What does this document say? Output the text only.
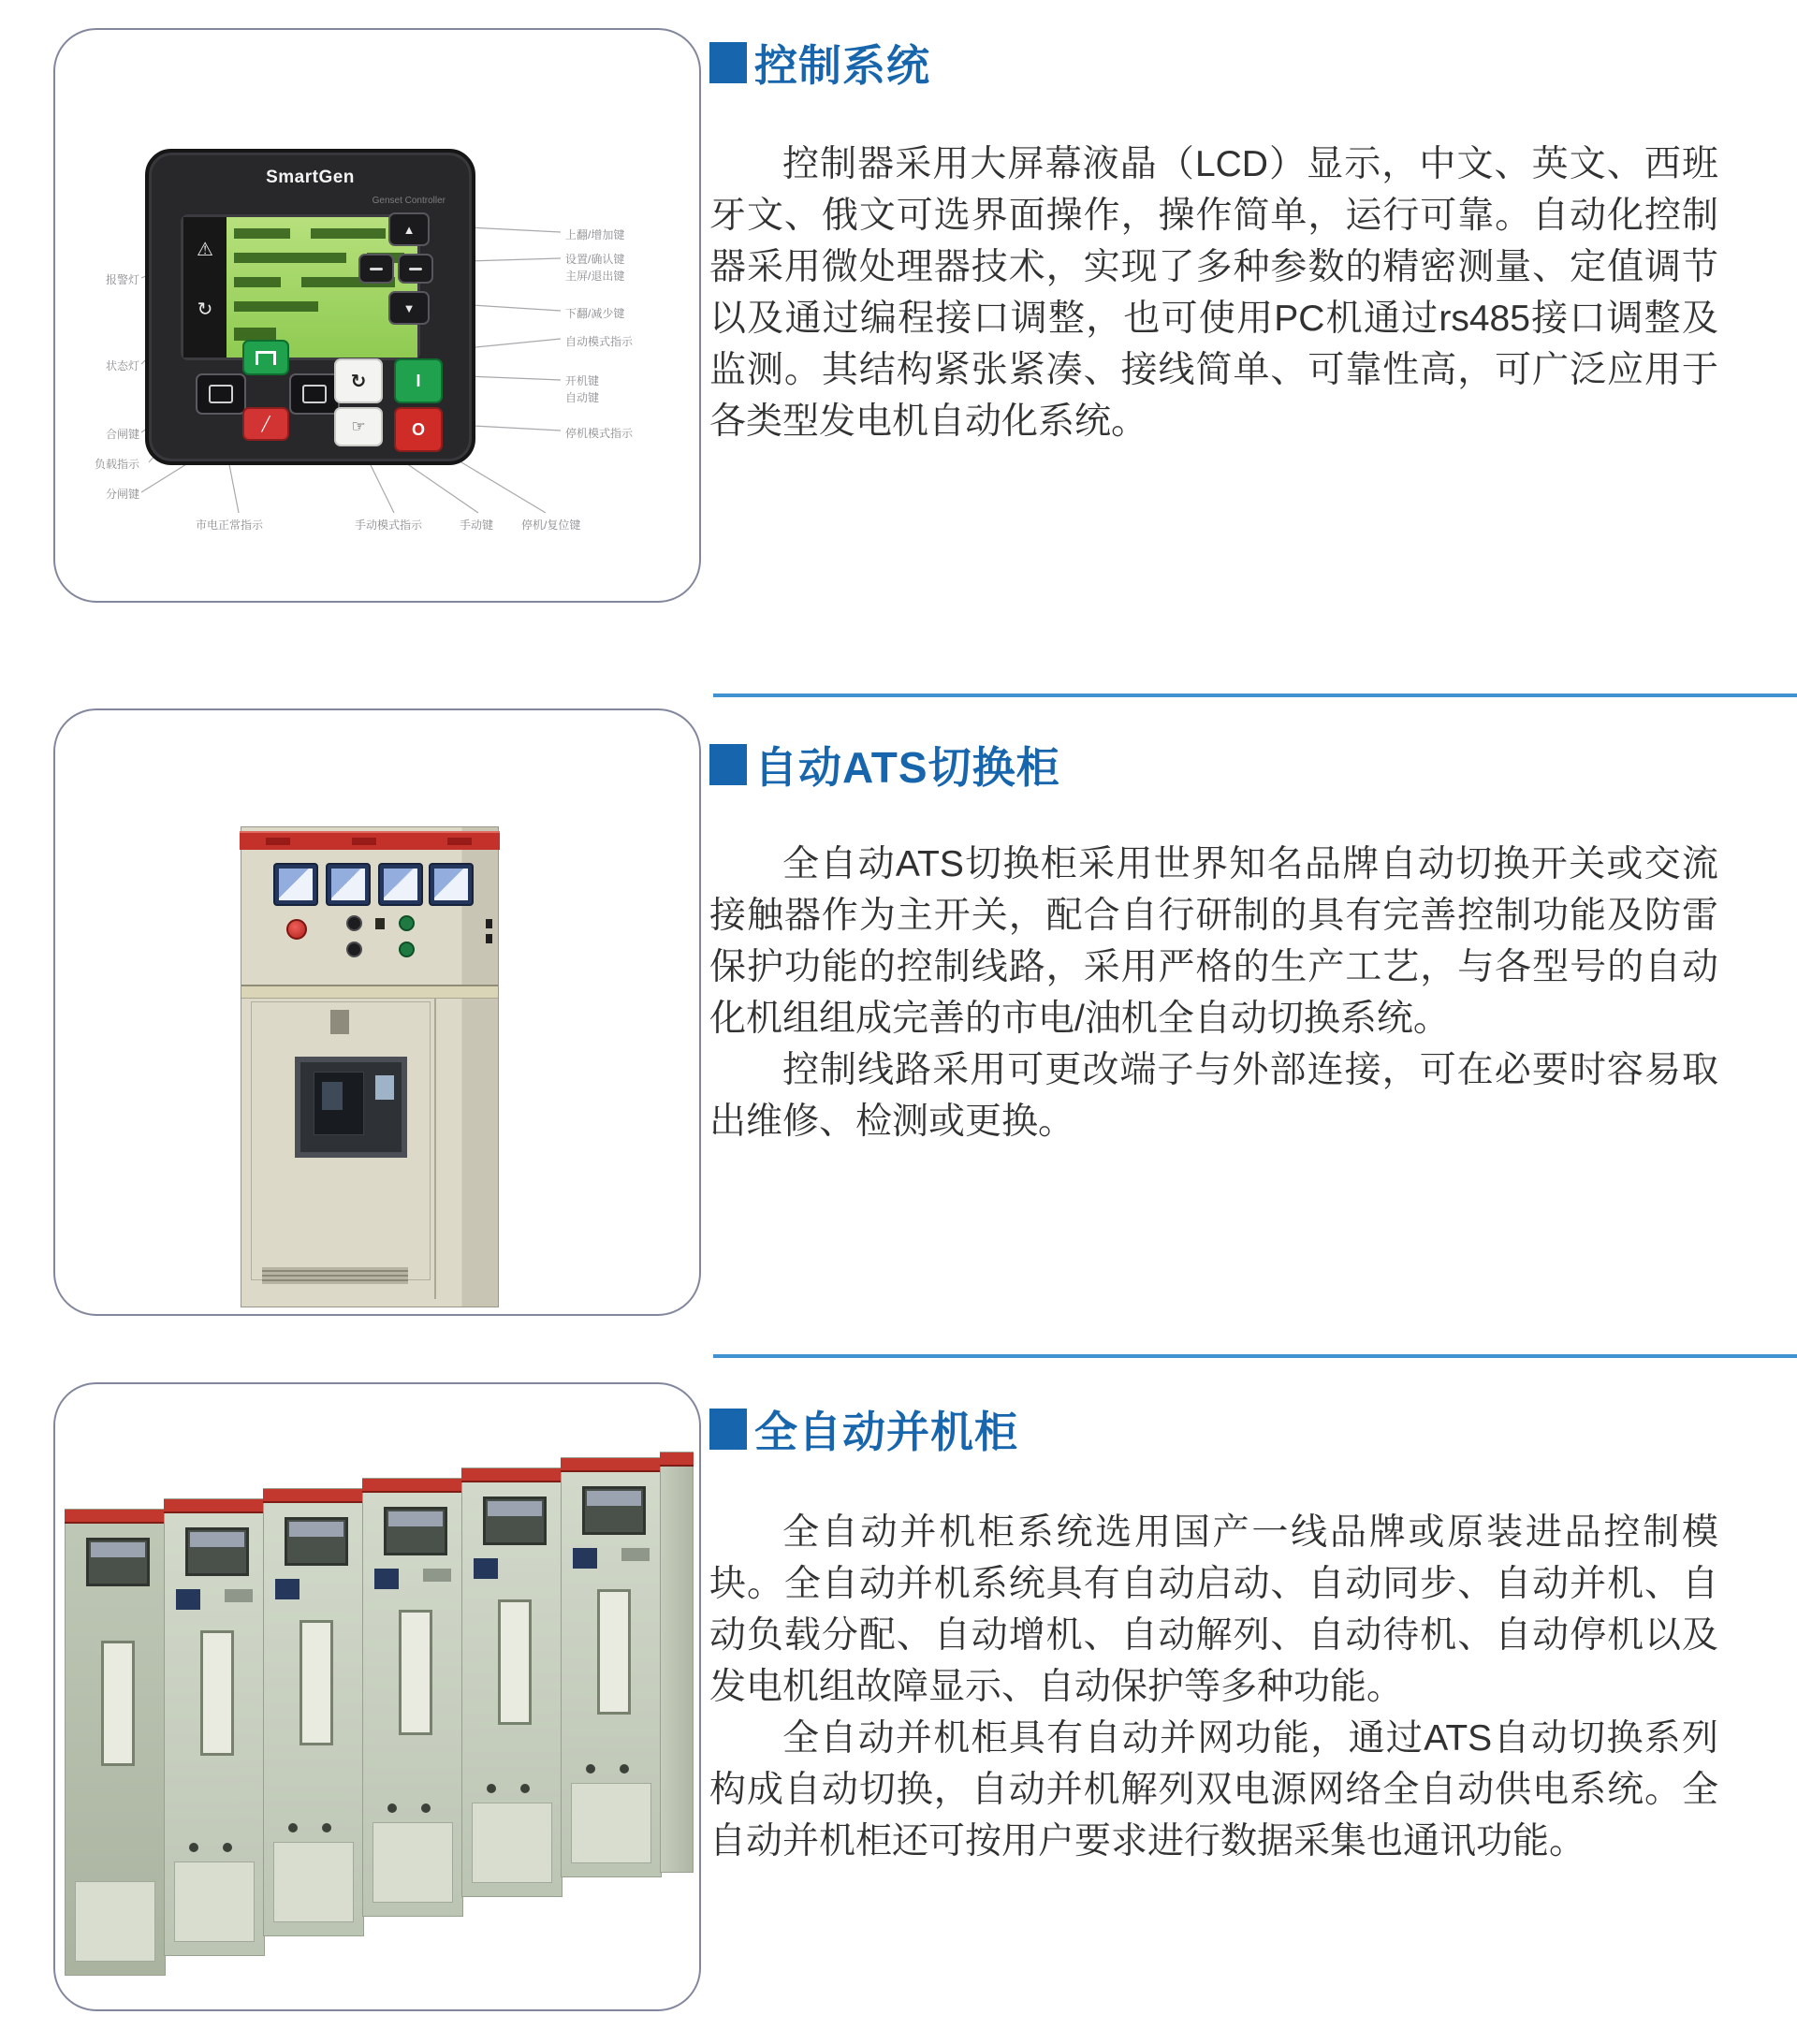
SmartGen
Genset Controller
⚠
↻
▲
▼
╱
↻	I
☞	O
报警灯
状态灯
合闸键
负载指示
分闸键
上翻/增加键
设置/确认键
主屏/退出键
下翻/减少键
自动模式指示
开机键
自动键
停机模式指示
市电正常指示	手动模式指示	手动键 停机/复位键
控制系统

控制器采用大屏幕液晶（LCD）显示，中文、英文、西班牙文、俄文可选界面操作，操作简单，运行可靠。自动化控制器采用微处理器技术，实现了多种参数的精密测量、定值调节以及通过编程接口调整，也可使用PC机通过rs485接口调整及监测。其结构紧张紧凑、接线简单、可靠性高，可广泛应用于各类型发电机自动化系统。

自动ATS切换柜

全自动ATS切换柜采用世界知名品牌自动切换开关或交流接触器作为主开关，配合自行研制的具有完善控制功能及防雷保护功能的控制线路，采用严格的生产工艺，与各型号的自动化机组组成完善的市电/油机全自动切换系统。

控制线路采用可更改端子与外部连接，可在必要时容易取出维修、检测或更换。

全自动并机柜

全自动并机柜系统选用国产一线品牌或原装进品控制模块。全自动并机系统具有自动启动、自动同步、自动并机、自动负载分配、自动增机、自动解列、自动待机、自动停机以及发电机组故障显示、自动保护等多种功能。

全自动并机柜具有自动并网功能，通过ATS自动切换系列构成自动切换，自动并机解列双电源网络全自动供电系统。全自动并机柜还可按用户要求进行数据采集也通讯功能。
